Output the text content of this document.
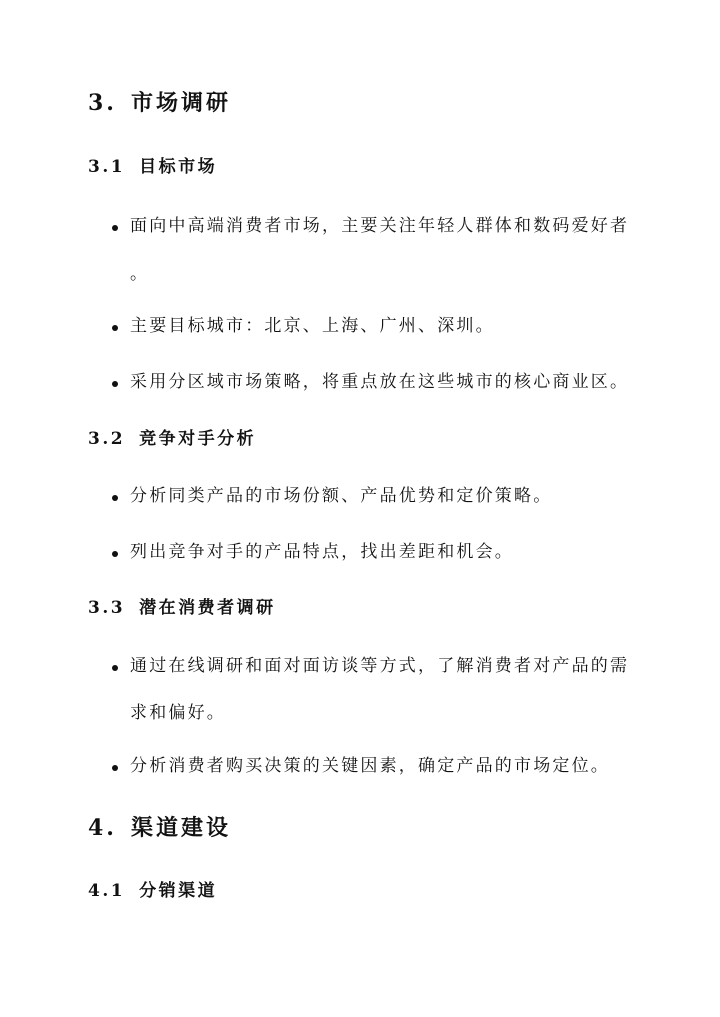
3. 市场调研
3.1 目标市场
面向中高端消费者市场，主要关注年轻人群体和数码爱好者
。
主要目标城市：北京、上海、广州、深圳。
采用分区域市场策略，将重点放在这些城市的核心商业区。
3.2 竞争对手分析
分析同类产品的市场份额、产品优势和定价策略。
列出竞争对手的产品特点，找出差距和机会。
3.3 潜在消费者调研
通过在线调研和面对面访谈等方式，了解消费者对产品的需
求和偏好。
分析消费者购买决策的关键因素，确定产品的市场定位。
4. 渠道建设
4.1 分销渠道
